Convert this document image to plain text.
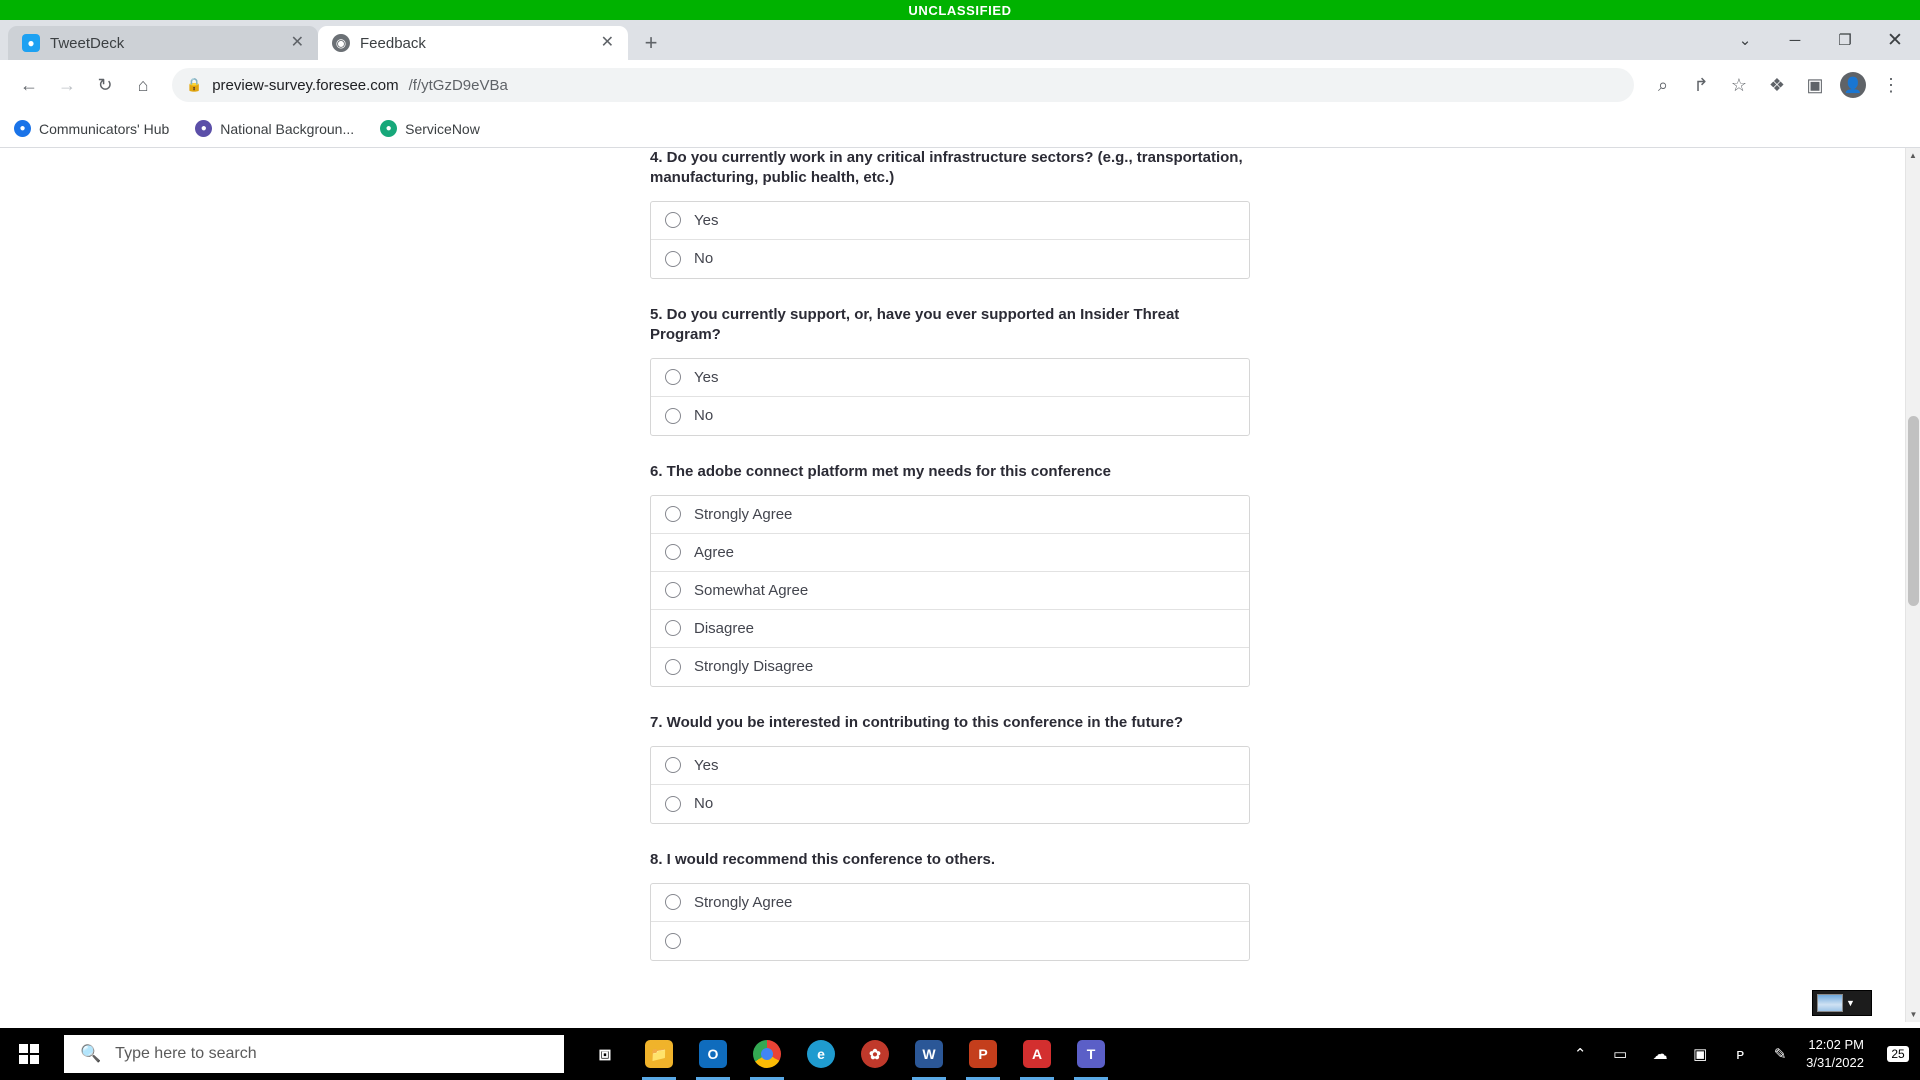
UNCLASSIFIED
●	TweetDeck	✕	◉ Feedback	✕ +	⌄	─	❐ ✕
← → ↻ ⌂	🔒 preview-survey.foresee.com /f/ytGzD9eVBa	⌕ ↱ ☆ ❖ ▣ 👤 ⋮
● Communicators' Hub	● National Backgroun...	● ServiceNow
4. Do you currently work in any critical infrastructure sectors? (e.g., transportation, manufacturing, public health, etc.)
Yes
No
5. Do you currently support, or, have you ever supported an Insider Threat Program?
Yes
No
6. The adobe connect platform met my needs for this conference
Strongly Agree
Agree
Somewhat Agree
Disagree
Strongly Disagree
7. Would you be interested in contributing to this conference in the future?
Yes
No
8. I would recommend this conference to others.
Strongly Agree
▲
▼
▼
🔍 Type here to search	⧈	📁	O	e	✿	W	P	A	T	⌃ ▭ ☁ ▣ ᴘ ✎
12:02 PM
3/31/2022
25
